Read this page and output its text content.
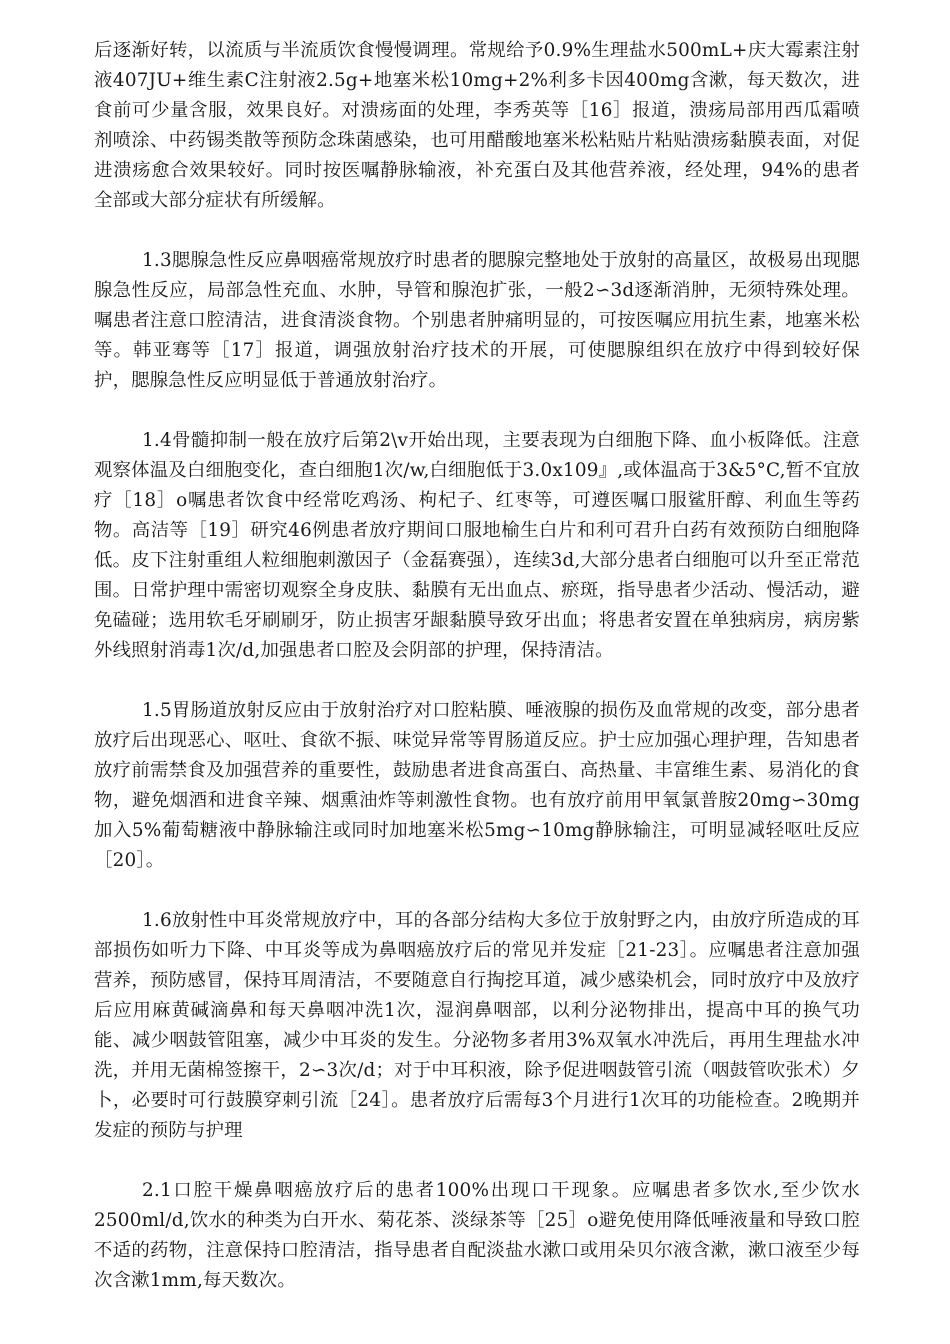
后逐渐好转，以流质与半流质饮食慢慢调理。常规给予0.9%生理盐水500mL+庆大霉素注射液407JU+维生素C注射液2.5g+地塞米松10mg+2%利多卡因400mg含漱，每天数次，进食前可少量含服，效果良好。对溃疡面的处理，李秀英等［16］报道，溃疡局部用西瓜霜喷剂喷涂、中药锡类散等预防念珠菌感染，也可用醋酸地塞米松粘贴片粘贴溃疡黏膜表面，对促进溃疡愈合效果较好。同时按医嘱静脉输液，补充蛋白及其他营养液，经处理，94%的患者全部或大部分症状有所缓解。

1.3腮腺急性反应鼻咽癌常规放疗时患者的腮腺完整地处于放射的高量区，故极易出现腮腺急性反应，局部急性充血、水肿，导管和腺泡扩张，一般2∽3d逐渐消肿，无须特殊处理。嘱患者注意口腔清洁，进食清淡食物。个别患者肿痛明显的，可按医嘱应用抗生素，地塞米松等。韩亚骞等［17］报道，调强放射治疗技术的开展，可使腮腺组织在放疗中得到较好保护，腮腺急性反应明显低于普通放射治疗。

1.4骨髓抑制一般在放疗后第2\v开始出现，主要表现为白细胞下降、血小板降低。注意观察体温及白细胞变化，查白细胞1次/w,白细胞低于3.0x109』,或体温高于3&5°C,暂不宜放疗［18］o嘱患者饮食中经常吃鸡汤、枸杞子、红枣等，可遵医嘱口服鲨肝醇、利血生等药物。高洁等［19］研究46例患者放疗期间口服地榆生白片和利可君升白药有效预防白细胞降低。皮下注射重组人粒细胞刺激因子（金磊赛强），连续3d,大部分患者白细胞可以升至正常范围。日常护理中需密切观察全身皮肤、黏膜有无出血点、瘀斑，指导患者少活动、慢活动，避免磕碰；选用软毛牙刷刷牙，防止损害牙龈黏膜导致牙出血；将患者安置在单独病房，病房紫外线照射消毒1次/d,加强患者口腔及会阴部的护理，保持清洁。

1.5胃肠道放射反应由于放射治疗对口腔粘膜、唾液腺的损伤及血常规的改变，部分患者放疗后出现恶心、呕吐、食欲不振、味觉异常等胃肠道反应。护士应加强心理护理，告知患者放疗前需禁食及加强营养的重要性，鼓励患者进食高蛋白、高热量、丰富维生素、易消化的食物，避免烟酒和进食辛辣、烟熏油炸等刺激性食物。也有放疗前用甲氧氯普胺20mg∽30mg加入5%葡萄糖液中静脉输注或同时加地塞米松5mg∽10mg静脉输注，可明显减轻呕吐反应［20］。

1.6放射性中耳炎常规放疗中，耳的各部分结构大多位于放射野之内，由放疗所造成的耳部损伤如听力下降、中耳炎等成为鼻咽癌放疗后的常见并发症［21-23］。应嘱患者注意加强营养，预防感冒，保持耳周清洁，不要随意自行掏挖耳道，减少感染机会，同时放疗中及放疗后应用麻黄碱滴鼻和每天鼻咽冲洗1次，湿润鼻咽部，以利分泌物排出，提高中耳的换气功能、减少咽鼓管阻塞，减少中耳炎的发生。分泌物多者用3%双氧水冲洗后，再用生理盐水冲洗，并用无菌棉签擦干，2∽3次/d；对于中耳积液，除予促进咽鼓管引流（咽鼓管吹张术）夕卜，必要时可行鼓膜穿刺引流［24］。患者放疗后需每3个月进行1次耳的功能检查。2晚期并发症的预防与护理

2.1口腔干燥鼻咽癌放疗后的患者100%出现口干现象。应嘱患者多饮水,至少饮水2500ml/d,饮水的种类为白开水、菊花茶、淡绿茶等［25］o避免使用降低唾液量和导致口腔不适的药物，注意保持口腔清洁，指导患者自配淡盐水漱口或用朵贝尔液含漱，漱口液至少每次含漱1mm,每天数次。
